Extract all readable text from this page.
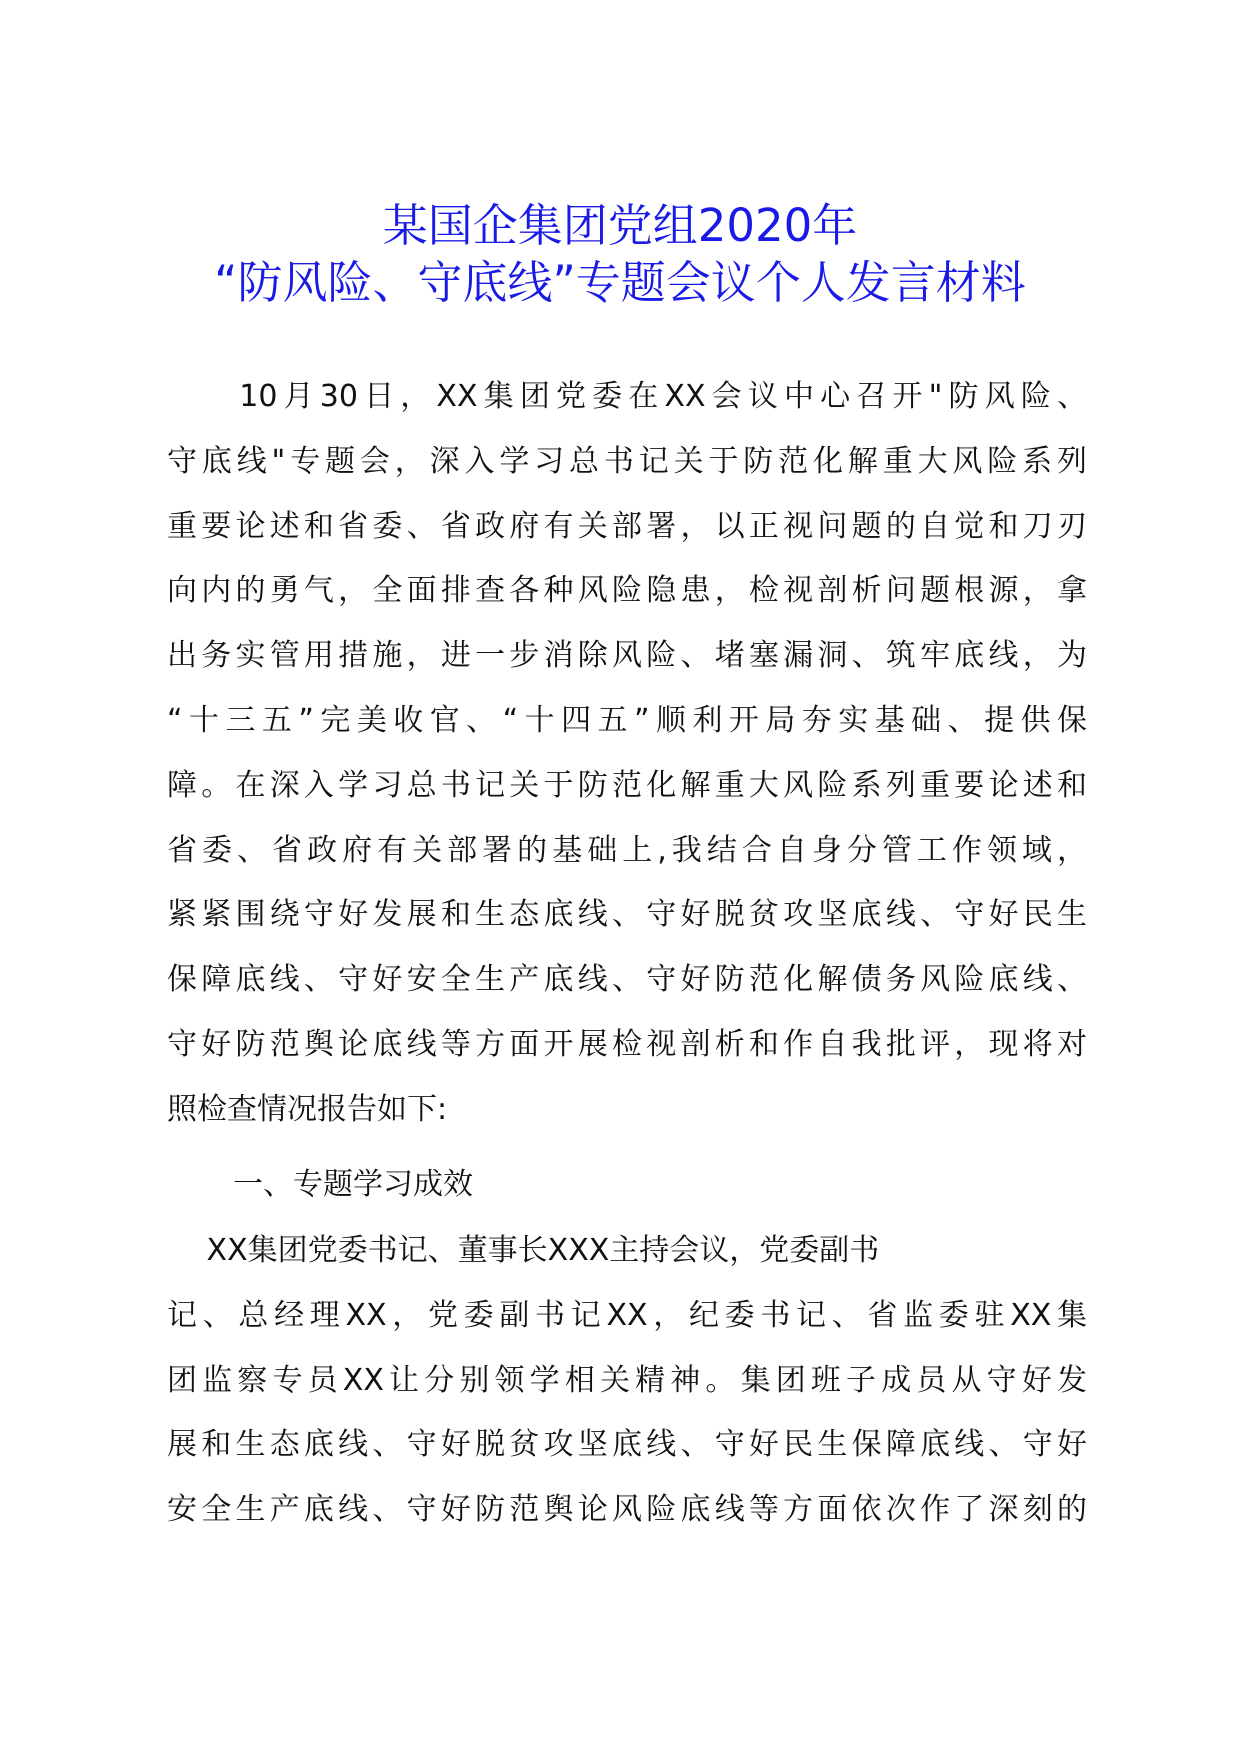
某国企集团党组2020年
“防风险、守底线”专题会议个人发言材料
　　10月30日，XX集团党委在XX会议中心召开"防风险、
守底线"专题会，深入学习总书记关于防范化解重大风险系列
重要论述和省委、省政府有关部署，以正视问题的自觉和刀刃
向内的勇气，全面排查各种风险隐患，检视剖析问题根源，拿
出务实管用措施，进一步消除风险、堵塞漏洞、筑牢底线，为
“十三五”完美收官、“十四五”顺利开局夯实基础、提供保
障。在深入学习总书记关于防范化解重大风险系列重要论述和
省委、省政府有关部署的基础上,我结合自身分管工作领域，
紧紧围绕守好发展和生态底线、守好脱贫攻坚底线、守好民生
保障底线、守好安全生产底线、守好防范化解债务风险底线、
守好防范舆论底线等方面开展检视剖析和作自我批评，现将对
照检查情况报告如下:
一、专题学习成效
　 XX集团党委书记、董事长XXX主持会议，党委副书
记、总经理XX，党委副书记XX，纪委书记、省监委驻XX集
团监察专员XX让分别领学相关精神。集团班子成员从守好发
展和生态底线、守好脱贫攻坚底线、守好民生保障底线、守好
安全生产底线、守好防范舆论风险底线等方面依次作了深刻的
